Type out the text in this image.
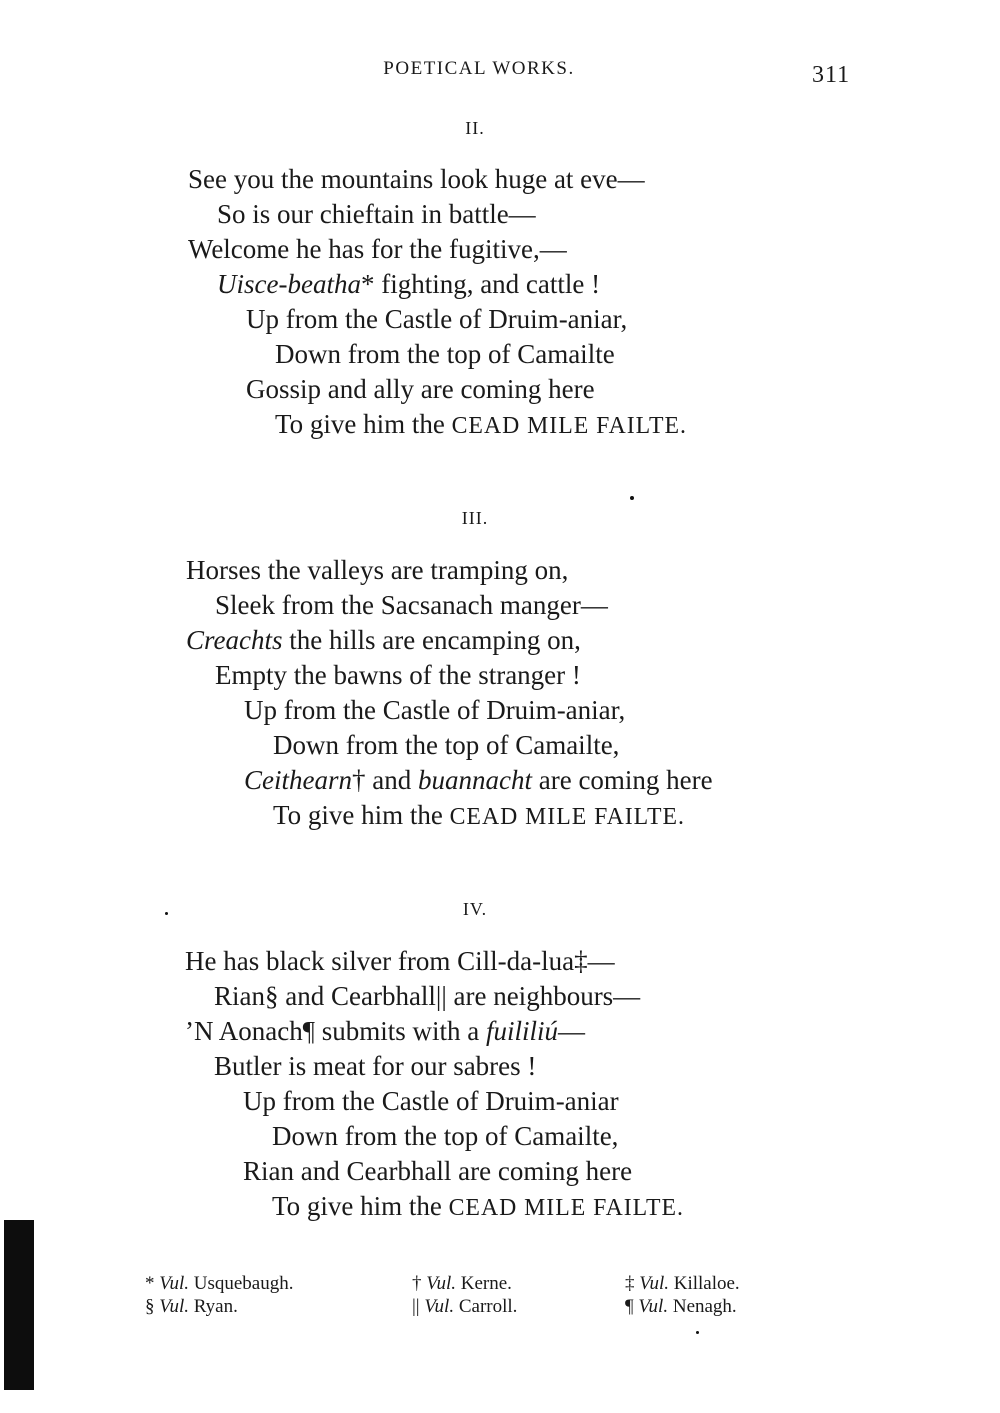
POETICAL WORKS.	311
II.
See you the mountains look huge at eve—
So is our chieftain in battle—
Welcome he has for the fugitive,—
Uisce-beatha* fighting, and cattle !
Up from the Castle of Druim-aniar,
Down from the top of Camailte
Gossip and ally are coming here
To give him the CEAD MILE FAILTE.
III.
Horses the valleys are tramping on,
Sleek from the Sacsanach manger—
Creachts the hills are encamping on,
Empty the bawns of the stranger !
Up from the Castle of Druim-aniar,
Down from the top of Camailte,
Ceithearn† and buannacht are coming here
To give him the CEAD MILE FAILTE.
IV.
He has black silver from Cill-da-lua‡—
Rian§ and Cearbhall|| are neighbours—
’N Aonach¶ submits with a fuililiú—
Butler is meat for our sabres !
Up from the Castle of Druim-aniar
Down from the top of Camailte,
Rian and Cearbhall are coming here
To give him the CEAD MILE FAILTE.
* Vul. Usquebaugh.	† Vul. Kerne.	‡ Vul. Killaloe.
§ Vul. Ryan.	|| Vul. Carroll.	¶ Vul. Nenagh.
